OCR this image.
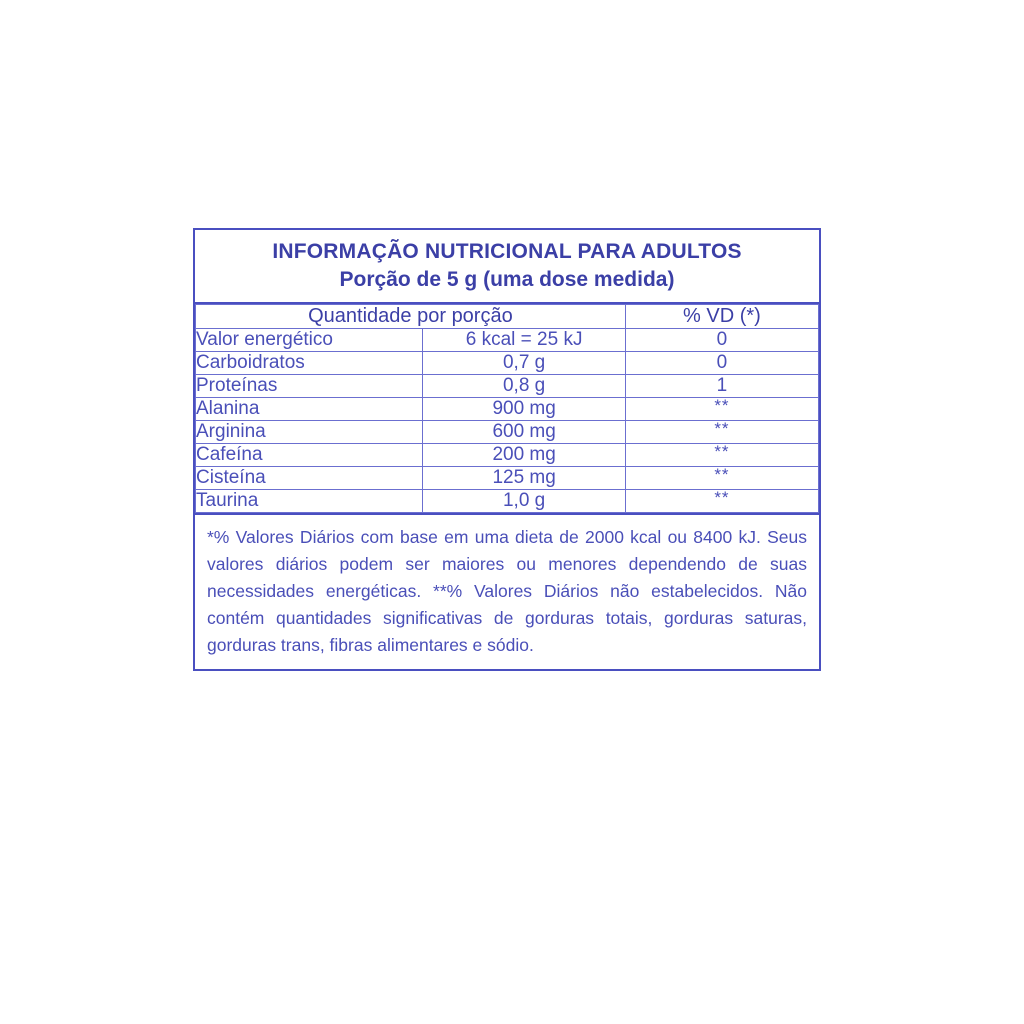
INFORMAÇÃO NUTRICIONAL PARA ADULTOS
Porção de 5 g (uma dose medida)
Quantidade por porção		% VD (*)
Valor energético	6 kcal = 25 kJ	0
Carboidratos	0,7 g	0
Proteínas	0,8 g	1
Alanina	900 mg	**
Arginina	600 mg	**
Cafeína	200 mg	**
Cisteína	125 mg	**
Taurina	1,0 g	**

*% Valores Diários com base em uma dieta de 2000 kcal ou 8400 kJ. Seus valores diários podem ser maiores ou menores dependendo de suas necessidades energéticas. **% Valores Diários não estabelecidos. Não contém quantidades significativas de gorduras totais, gorduras saturas, gorduras trans, fibras alimentares e sódio.
